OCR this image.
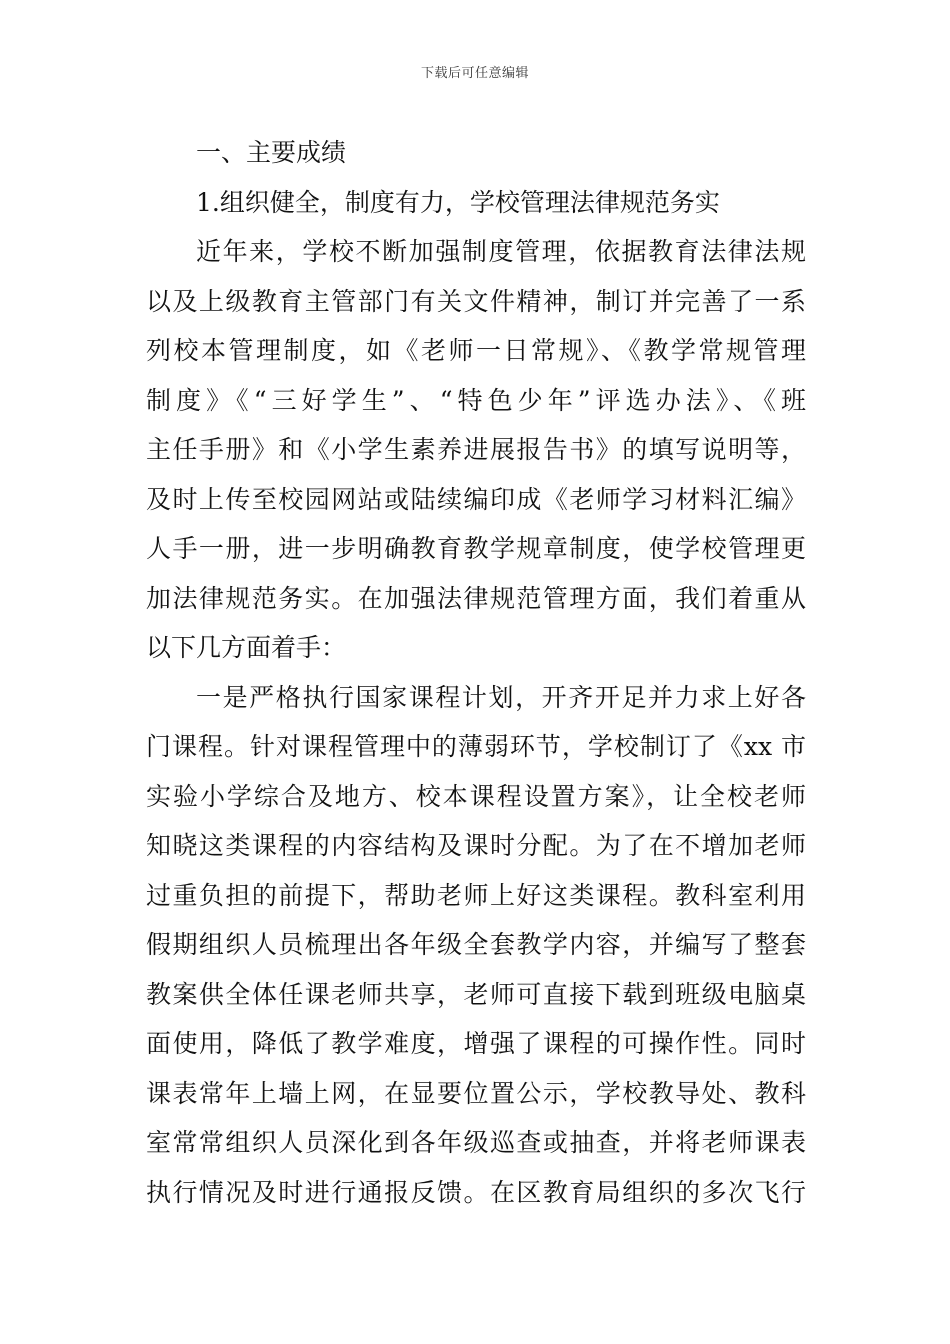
下载后可任意编辑
一、主要成绩
1.组织健全，制度有力，学校管理法律规范务实
近年来，学校不断加强制度管理，依据教育法律法规
以及上级教育主管部门有关文件精神，制订并完善了一系
列校本管理制度，如《老师一日常规》、《教学常规管理
制度》《“三好学生”、“特色少年”评选办法》、《班
主任手册》和《小学生素养进展报告书》的填写说明等，
及时上传至校园网站或陆续编印成《老师学习材料汇编》
人手一册，进一步明确教育教学规章制度，使学校管理更
加法律规范务实。在加强法律规范管理方面，我们着重从
以下几方面着手：
一是严格执行国家课程计划，开齐开足并力求上好各
门课程。针对课程管理中的薄弱环节，学校制订了《xx 市
实验小学综合及地方、校本课程设置方案》，让全校老师
知晓这类课程的内容结构及课时分配。为了在不增加老师
过重负担的前提下，帮助老师上好这类课程。教科室利用
假期组织人员梳理出各年级全套教学内容，并编写了整套
教案供全体任课老师共享，老师可直接下载到班级电脑桌
面使用，降低了教学难度，增强了课程的可操作性。同时
课表常年上墙上网，在显要位置公示，学校教导处、教科
室常常组织人员深化到各年级巡查或抽查，并将老师课表
执行情况及时进行通报反馈。在区教育局组织的多次飞行
